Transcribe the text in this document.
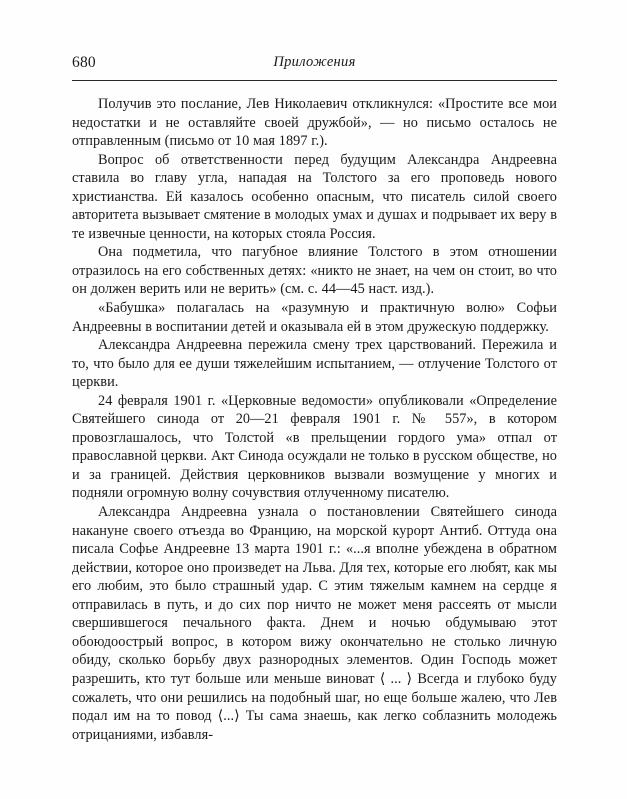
680	Приложения

Получив это послание, Лев Николаевич откликнулся: «Простите все мои недостатки и не оставляйте своей дружбой», — но письмо осталось не отправленным (письмо от 10 мая 1897 г.).

Вопрос об ответственности перед будущим Александра Андреевна ставила во главу угла, нападая на Толстого за его проповедь нового христианства. Ей казалось особенно опасным, что писатель силой своего авторитета вызывает смятение в молодых умах и душах и подрывает их веру в те извечные ценности, на которых стояла Россия.

Она подметила, что пагубное влияние Толстого в этом отношении отразилось на его собственных детях: «никто не знает, на чем он стоит, во что он должен верить или не верить» (см. с. 44—45 наст. изд.).

«Бабушка» полагалась на «разумную и практичную волю» Софьи Андреевны в воспитании детей и оказывала ей в этом дружескую поддержку.

Александра Андреевна пережила смену трех царствований. Пережила и то, что было для ее души тяжелейшим испытанием, — отлучение Толстого от церкви.

24 февраля 1901 г. «Церковные ведомости» опубликовали «Определение Святейшего синода от 20—21 февраля 1901 г. № 557», в котором провозглашалось, что Толстой «в прельщении гордого ума» отпал от православной церкви. Акт Синода осуждали не только в русском обществе, но и за границей. Действия церковников вызвали возмущение у многих и подняли огромную волну сочувствия отлученному писателю.

Александра Андреевна узнала о постановлении Святейшего синода накануне своего отъезда во Францию, на морской курорт Антиб. Оттуда она писала Софье Андреевне 13 марта 1901 г.: «...я вполне убеждена в обратном действии, которое оно произведет на Льва. Для тех, которые его любят, как мы его любим, это было страшный удар. С этим тяжелым камнем на сердце я отправилась в путь, и до сих пор ничто не может меня рассеять от мысли свершившегося печального факта. Днем и ночью обдумываю этот обоюдоострый вопрос, в котором вижу окончательно не столько личную обиду, сколько борьбу двух разнородных элементов. Один Господь может разрешить, кто тут больше или меньше виноват ⟨ ... ⟩ Всегда и глубоко буду сожалеть, что они решились на подобный шаг, но еще больше жалею, что Лев подал им на то повод ⟨...⟩ Ты сама знаешь, как легко соблазнить молодежь отрицаниями, избавля-
